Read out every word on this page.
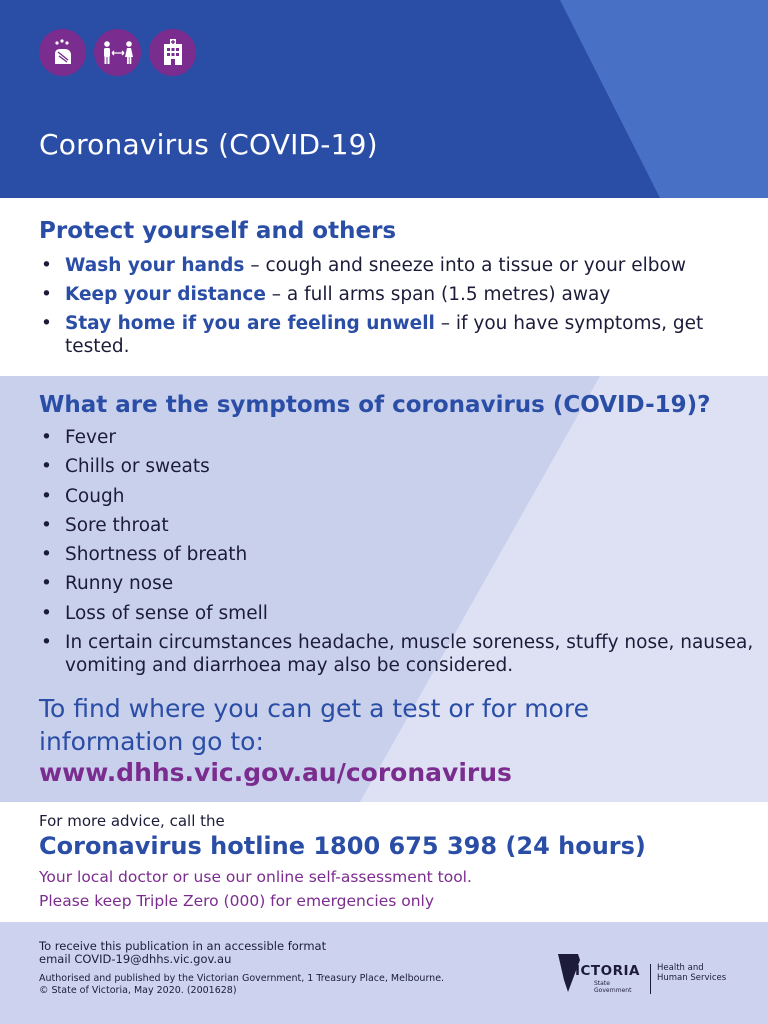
Coronavirus (COVID-19)
Protect yourself and others
• Wash your hands – cough and sneeze into a tissue or your elbow
• Keep your distance – a full arms span (1.5 metres) away
• Stay home if you are feeling unwell – if you have symptoms, get tested.
What are the symptoms of coronavirus (COVID-19)?
• Fever
• Chills or sweats
• Cough
• Sore throat
• Shortness of breath
• Runny nose
• Loss of sense of smell
• In certain circumstances headache, muscle soreness, stuffy nose, nausea, vomiting and diarrhoea may also be considered.

To find where you can get a test or for more information go to:

www.dhhs.vic.gov.au/coronavirus

For more advice, call the

Coronavirus hotline 1800 675 398 (24 hours)

Your local doctor or use our online self-assessment tool.

Please keep Triple Zero (000) for emergencies only

To receive this publication in an accessible format
email COVID-19@dhhs.vic.gov.au
Authorised and published by the Victorian Government, 1 Treasury Place, Melbourne.
© State of Victoria, May 2020. (2001628)
VICTORIA
State Government
Health and Human Services
